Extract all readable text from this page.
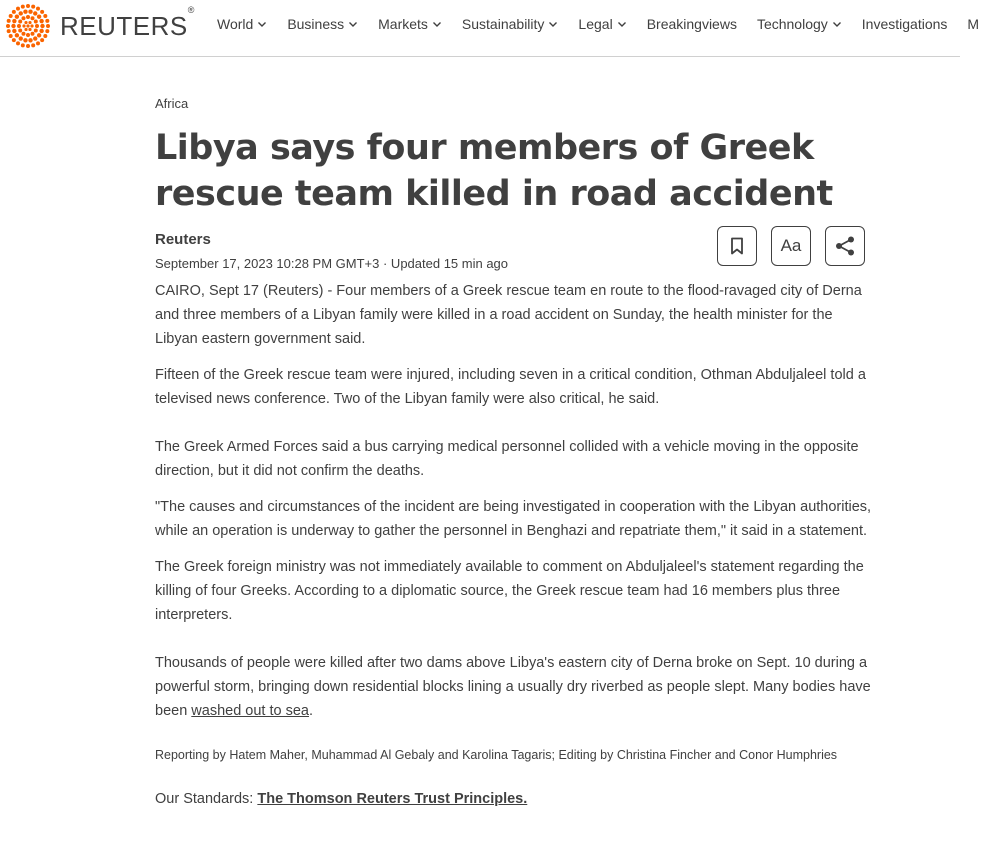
REUTERS®
World Business Markets Sustainability Legal Breakingviews Technology Investigations M
Africa
Libya says four members of Greek rescue team killed in road accident
Reuters
September 17, 2023 10:28 PM GMT+3 · Updated 15 min ago
Aa

CAIRO, Sept 17 (Reuters) - Four members of a Greek rescue team en route to the flood-ravaged city of Derna and three members of a Libyan family were killed in a road accident on Sunday, the health minister for the Libyan eastern government said.

Fifteen of the Greek rescue team were injured, including seven in a critical condition, Othman Abduljaleel told a televised news conference. Two of the Libyan family were also critical, he said.

The Greek Armed Forces said a bus carrying medical personnel collided with a vehicle moving in the opposite direction, but it did not confirm the deaths.

"The causes and circumstances of the incident are being investigated in cooperation with the Libyan authorities, while an operation is underway to gather the personnel in Benghazi and repatriate them," it said in a statement.

The Greek foreign ministry was not immediately available to comment on Abduljaleel's statement regarding the killing of four Greeks. According to a diplomatic source, the Greek rescue team had 16 members plus three interpreters.

Thousands of people were killed after two dams above Libya's eastern city of Derna broke on Sept. 10 during a powerful storm, bringing down residential blocks lining a usually dry riverbed as people slept. Many bodies have been washed out to sea.

Reporting by Hatem Maher, Muhammad Al Gebaly and Karolina Tagaris; Editing by Christina Fincher and Conor Humphries
Our Standards: The Thomson Reuters Trust Principles.
